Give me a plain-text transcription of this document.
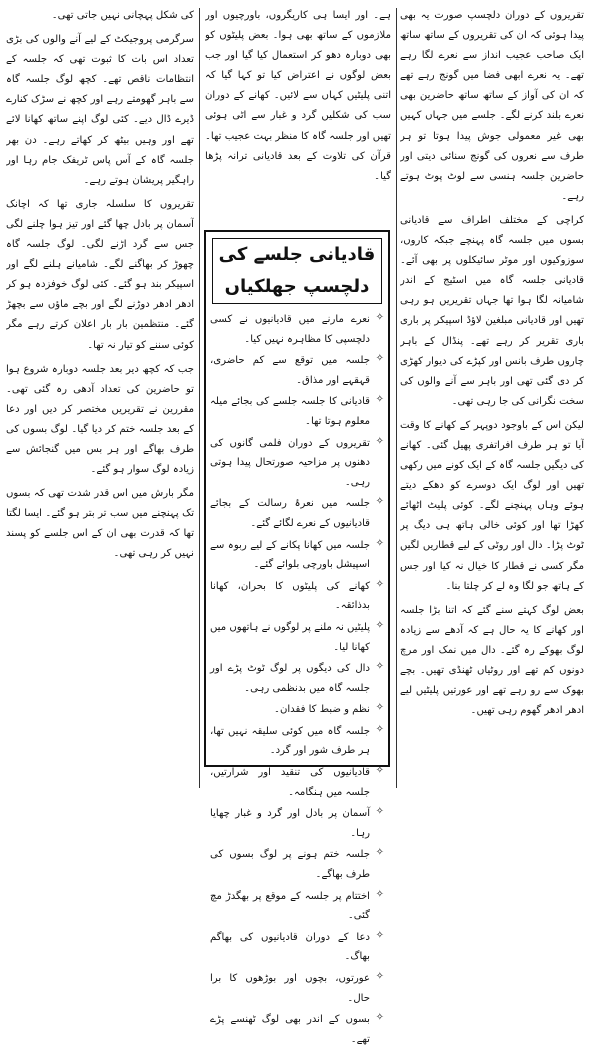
تقریروں کے دوران دلچسپ صورت یہ بھی پیدا ہوئی کہ ان کی تقریروں کے ساتھ ساتھ ایک صاحب عجیب انداز سے نعرے لگا رہے تھے۔ یہ نعرے ابھی فضا میں گونج رہے تھے کہ ان کی آواز کے ساتھ ساتھ حاضرین بھی نعرے بلند کرنے لگے۔ جلسے میں جہاں کہیں بھی غیر معمولی جوش پیدا ہوتا تو ہر طرف سے نعروں کی گونج سنائی دیتی اور حاضرین جلسہ ہنسی سے لوٹ پوٹ ہوتے رہے۔

کراچی کے مختلف اطراف سے قادیانی بسوں میں جلسہ گاہ پہنچے جبکہ کاروں، سوزوکیوں اور موٹر سائیکلوں پر بھی آئے۔ قادیانی جلسہ گاہ میں اسٹیج کے اندر شامیانہ لگا ہوا تھا جہاں تقریریں ہو رہی تھیں اور قادیانی مبلغین لاؤڈ اسپیکر پر باری باری تقریر کر رہے تھے۔ پنڈال کے باہر چاروں طرف بانس اور کپڑے کی دیوار کھڑی کر دی گئی تھی اور باہر سے آنے والوں کی سخت نگرانی کی جا رہی تھی۔

لیکن اس کے باوجود دوپہر کے کھانے کا وقت آیا تو ہر طرف افراتفری پھیل گئی۔ کھانے کی دیگیں جلسہ گاہ کے ایک کونے میں رکھی تھیں اور لوگ ایک دوسرے کو دھکے دیتے ہوئے وہاں پہنچنے لگے۔ کوئی پلیٹ اٹھائے کھڑا تھا اور کوئی خالی ہاتھ ہی دیگ پر ٹوٹ پڑا۔ دال اور روٹی کے لیے قطاریں لگیں مگر کسی نے قطار کا خیال نہ کیا اور جس کے ہاتھ جو لگا وہ لے کر چلتا بنا۔

بعض لوگ کہتے سنے گئے کہ اتنا بڑا جلسہ اور کھانے کا یہ حال ہے کہ آدھے سے زیادہ لوگ بھوکے رہ گئے۔ دال میں نمک اور مرچ دونوں کم تھے اور روٹیاں ٹھنڈی تھیں۔ بچے بھوک سے رو رہے تھے اور عورتیں پلیٹیں لیے ادھر ادھر گھوم رہی تھیں۔

ہے۔ اور ایسا ہی کاریگروں، باورچیوں اور ملازموں کے ساتھ بھی ہوا۔ بعض پلیٹوں کو بھی دوبارہ دھو کر استعمال کیا گیا اور جب بعض لوگوں نے اعتراض کیا تو کہا گیا کہ اتنی پلیٹیں کہاں سے لائیں۔ کھانے کے دوران سب کی شکلیں گرد و غبار سے اٹی ہوئی تھیں اور جلسہ گاہ کا منظر بہت عجیب تھا۔ قرآن کی تلاوت کے بعد قادیانی ترانہ پڑھا گیا۔

قادیانی جلسے کی دلچسپ جھلکیاں
✧
نعرے مارنے میں قادیانیوں نے کسی دلچسپی کا مظاہرہ نہیں کیا۔
✧
جلسہ میں توقع سے کم حاضری، قہقہے اور مذاق۔
✧
قادیانی کا جلسہ جلسے کی بجائے میلہ معلوم ہوتا تھا۔
✧
تقریروں کے دوران فلمی گانوں کی دھنوں پر مزاحیہ صورتحال پیدا ہوتی رہی۔
✧
جلسہ میں نعرۂ رسالت کے بجائے قادیانیوں کے نعرے لگائے گئے۔
✧
جلسہ میں کھانا پکانے کے لیے ربوہ سے اسپیشل باورچی بلوائے گئے۔
✧
کھانے کی پلیٹوں کا بحران، کھانا بدذائقہ۔
✧
پلیٹیں نہ ملنے پر لوگوں نے ہاتھوں میں کھانا لیا۔
✧
دال کی دیگوں پر لوگ ٹوٹ پڑے اور جلسہ گاہ میں بدنظمی رہی۔
✧
نظم و ضبط کا فقدان۔
✧
جلسہ گاہ میں کوئی سلیقہ نہیں تھا، ہر طرف شور اور گرد۔
✧
قادیانیوں کی تنقید اور شرارتیں، جلسہ میں ہنگامہ۔
✧
آسمان پر بادل اور گرد و غبار چھایا رہا۔
✧
جلسہ ختم ہونے پر لوگ بسوں کی طرف بھاگے۔
✧
اختتام پر جلسہ کے موقع پر بھگدڑ مچ گئی۔
✧
دعا کے دوران قادیانیوں کی بھاگم بھاگ۔
✧
عورتوں، بچوں اور بوڑھوں کا برا حال۔
✧
بسوں کے اندر بھی لوگ ٹھنسے پڑے تھے۔

کی شکل پہچانی نہیں جاتی تھی۔

سرگرمی پروجیکٹ کے لیے آنے والوں کی بڑی تعداد اس بات کا ثبوت تھی کہ جلسہ کے انتظامات ناقص تھے۔ کچھ لوگ جلسہ گاہ سے باہر گھومتے رہے اور کچھ نے سڑک کنارے ڈیرے ڈال دیے۔ کئی لوگ اپنے ساتھ کھانا لائے تھے اور وہیں بیٹھ کر کھاتے رہے۔ دن بھر جلسہ گاہ کے آس پاس ٹریفک جام رہا اور راہگیر پریشان ہوتے رہے۔

تقریروں کا سلسلہ جاری تھا کہ اچانک آسمان پر بادل چھا گئے اور تیز ہوا چلنے لگی جس سے گرد اڑنے لگی۔ لوگ جلسہ گاہ چھوڑ کر بھاگنے لگے۔ شامیانے ہلنے لگے اور اسپیکر بند ہو گئے۔ کئی لوگ خوفزدہ ہو کر ادھر ادھر دوڑنے لگے اور بچے ماؤں سے بچھڑ گئے۔ منتظمین بار بار اعلان کرتے رہے مگر کوئی سننے کو تیار نہ تھا۔

جب کہ کچھ دیر بعد جلسہ دوبارہ شروع ہوا تو حاضرین کی تعداد آدھی رہ گئی تھی۔ مقررین نے تقریریں مختصر کر دیں اور دعا کے بعد جلسہ ختم کر دیا گیا۔ لوگ بسوں کی طرف بھاگے اور ہر بس میں گنجائش سے زیادہ لوگ سوار ہو گئے۔

مگر بارش میں اس قدر شدت تھی کہ بسوں تک پہنچنے میں سب تر بتر ہو گئے۔ ایسا لگتا تھا کہ قدرت بھی ان کے اس جلسے کو پسند نہیں کر رہی تھی۔
